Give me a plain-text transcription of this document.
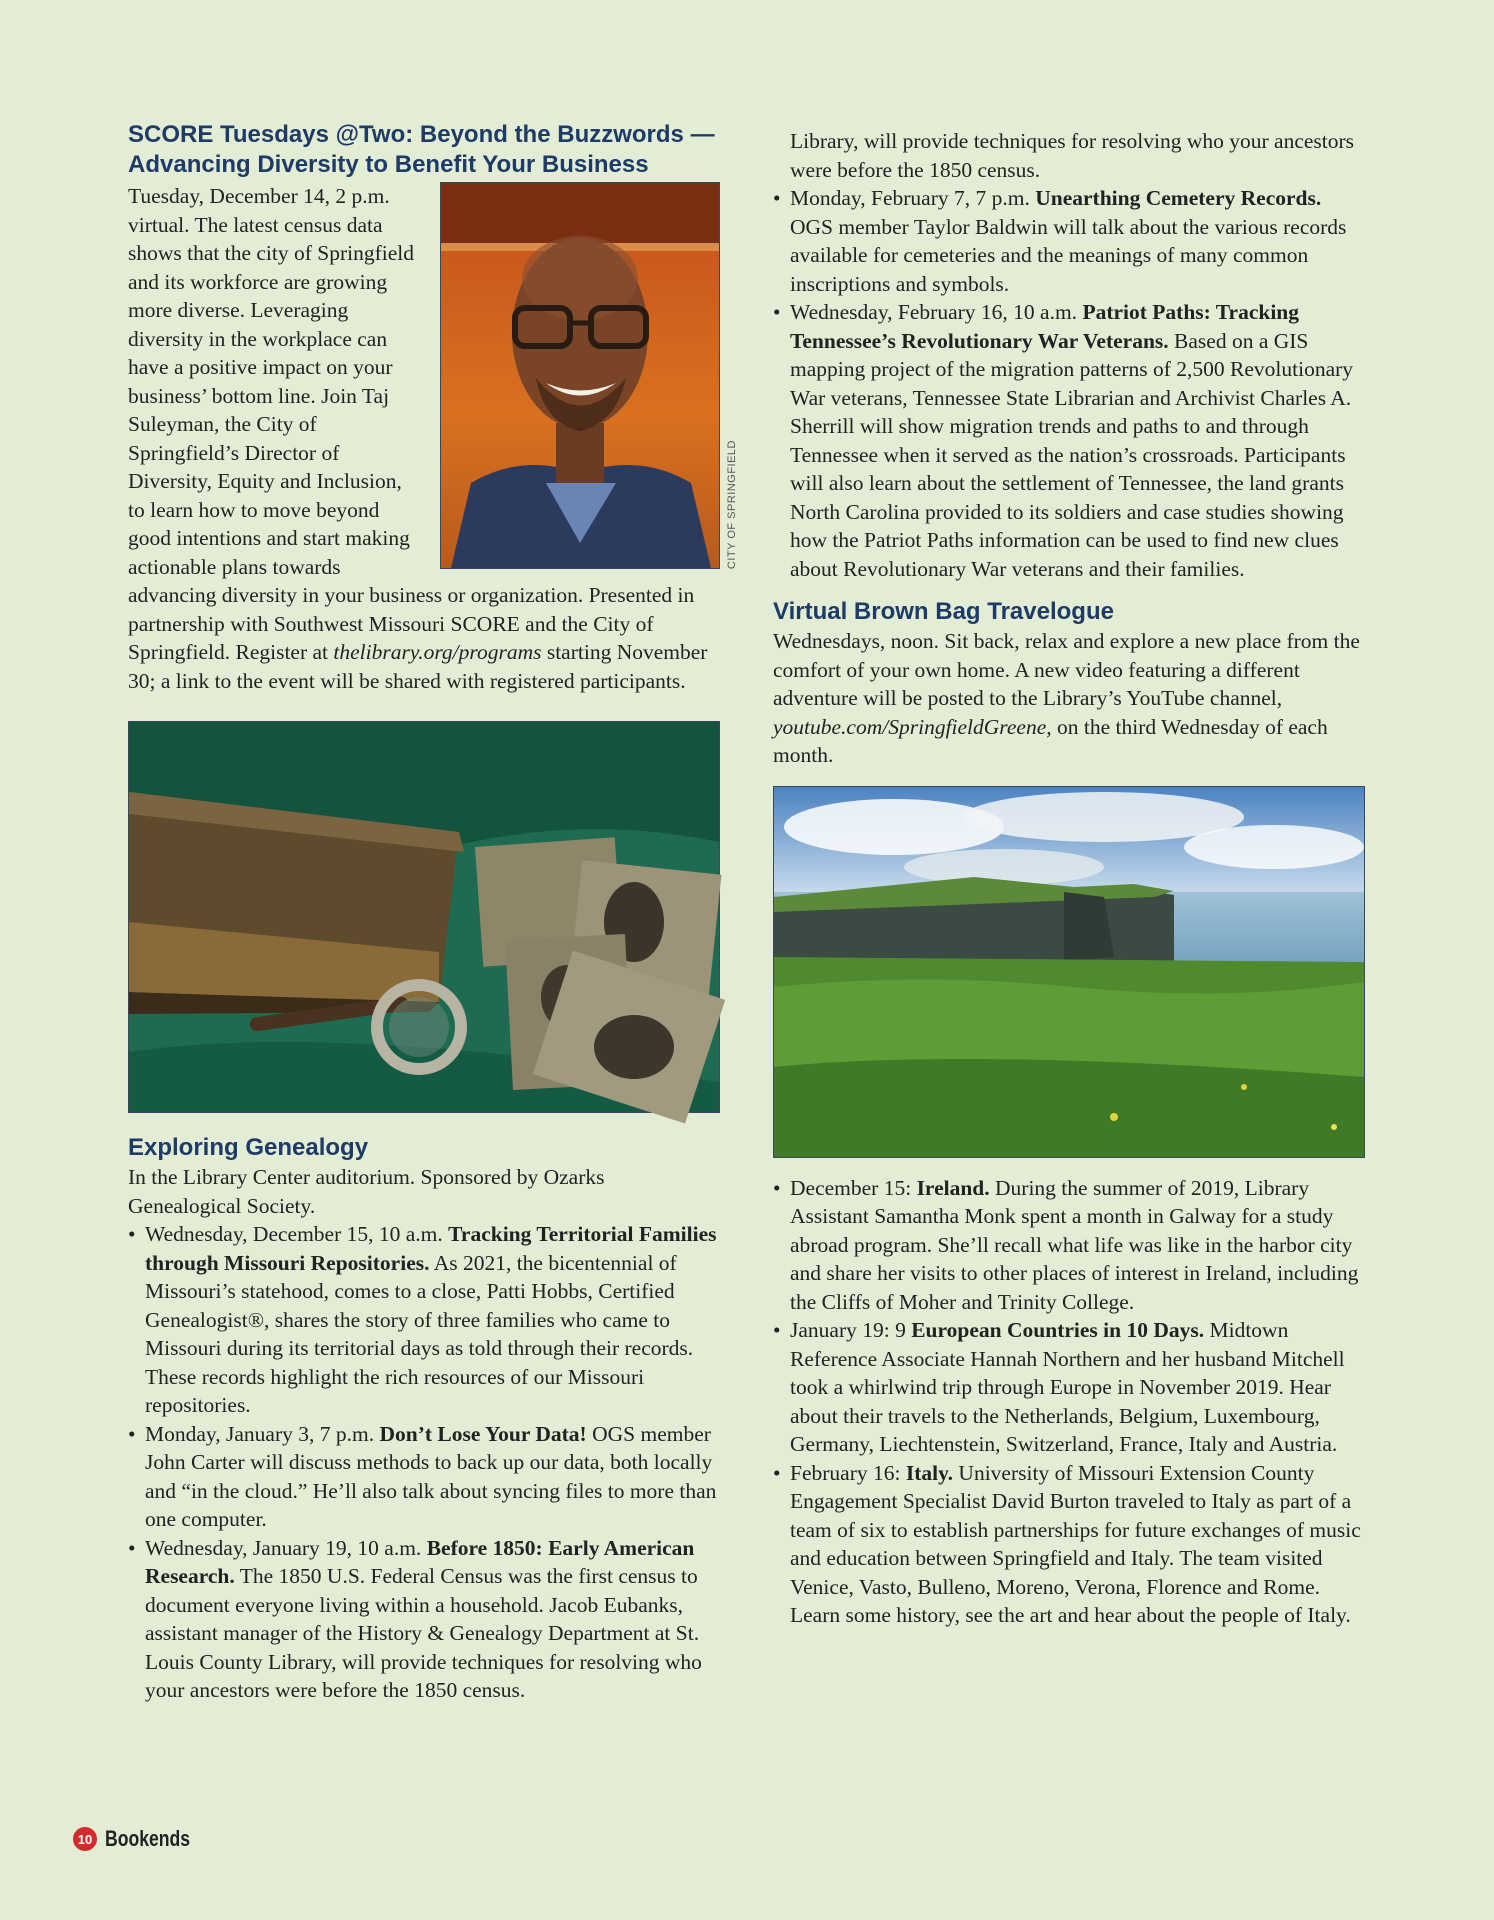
SCORE Tuesdays @Two: Beyond the Buzzwords — Advancing Diversity to Benefit Your Business
CITY OF SPRINGFIELD

Tuesday, December 14, 2 p.m. virtual. The latest census data shows that the city of Springfield and its workforce are growing more diverse. Leveraging diversity in the workplace can have a positive impact on your business’ bottom line. Join Taj Suleyman, the City of Springfield’s Director of Diversity, Equity and Inclusion, to learn how to move beyond good intentions and start making actionable plans towards advancing diversity in your business or organization. Presented in partnership with Southwest Missouri SCORE and the City of Springfield. Register at thelibrary.org/programs starting November 30; a link to the event will be shared with registered participants.

Exploring Genealogy

In the Library Center auditorium. Sponsored by Ozarks Genealogical Society.

• Wednesday, December 15, 10 a.m. Tracking Territorial Families through Missouri Repositories. As 2021, the bicentennial of Missouri’s statehood, comes to a close, Patti Hobbs, Certified Genealogist®, shares the story of three families who came to Missouri during its territorial days as told through their records. These records highlight the rich resources of our Missouri repositories.
• Monday, January 3, 7 p.m. Don’t Lose Your Data! OGS member John Carter will discuss methods to back up our data, both locally and “in the cloud.” He’ll also talk about syncing files to more than one computer.
• Wednesday, January 19, 10 a.m. Before 1850: Early American Research. The 1850 U.S. Federal Census was the first census to document everyone living within a household. Jacob Eubanks, assistant manager of the History & Genealogy Department at St. Louis County Library, will provide techniques for resolving who your ancestors were before the 1850 census.
Library, will provide techniques for resolving who your ancestors were before the 1850 census.
• Monday, February 7, 7 p.m. Unearthing Cemetery Records. OGS member Taylor Baldwin will talk about the various records available for cemeteries and the meanings of many common inscriptions and symbols.
• Wednesday, February 16, 10 a.m. Patriot Paths: Tracking Tennessee’s Revolutionary War Veterans. Based on a GIS mapping project of the migration patterns of 2,500 Revolutionary War veterans, Tennessee State Librarian and Archivist Charles A. Sherrill will show migration trends and paths to and through Tennessee when it served as the nation’s crossroads. Participants will also learn about the settlement of Tennessee, the land grants North Carolina provided to its soldiers and case studies showing how the Patriot Paths information can be used to find new clues about Revolutionary War veterans and their families.
Virtual Brown Bag Travelogue

Wednesdays, noon. Sit back, relax and explore a new place from the comfort of your own home. A new video featuring a different adventure will be posted to the Library’s YouTube channel, youtube.com/SpringfieldGreene, on the third Wednesday of each month.

• December 15: Ireland. During the summer of 2019, Library Assistant Samantha Monk spent a month in Galway for a study abroad program. She’ll recall what life was like in the harbor city and share her visits to other places of interest in Ireland, including the Cliffs of Moher and Trinity College.
• January 19: 9 European Countries in 10 Days. Midtown Reference Associate Hannah Northern and her husband Mitchell took a whirlwind trip through Europe in November 2019. Hear about their travels to the Netherlands, Belgium, Luxembourg, Germany, Liechtenstein, Switzerland, France, Italy and Austria.
• February 16: Italy. University of Missouri Extension County Engagement Specialist David Burton traveled to Italy as part of a team of six to establish partnerships for future exchanges of music and education between Springfield and Italy. The team visited Venice, Vasto, Bulleno, Moreno, Verona, Florence and Rome. Learn some history, see the art and hear about the people of Italy.
10 Bookends
